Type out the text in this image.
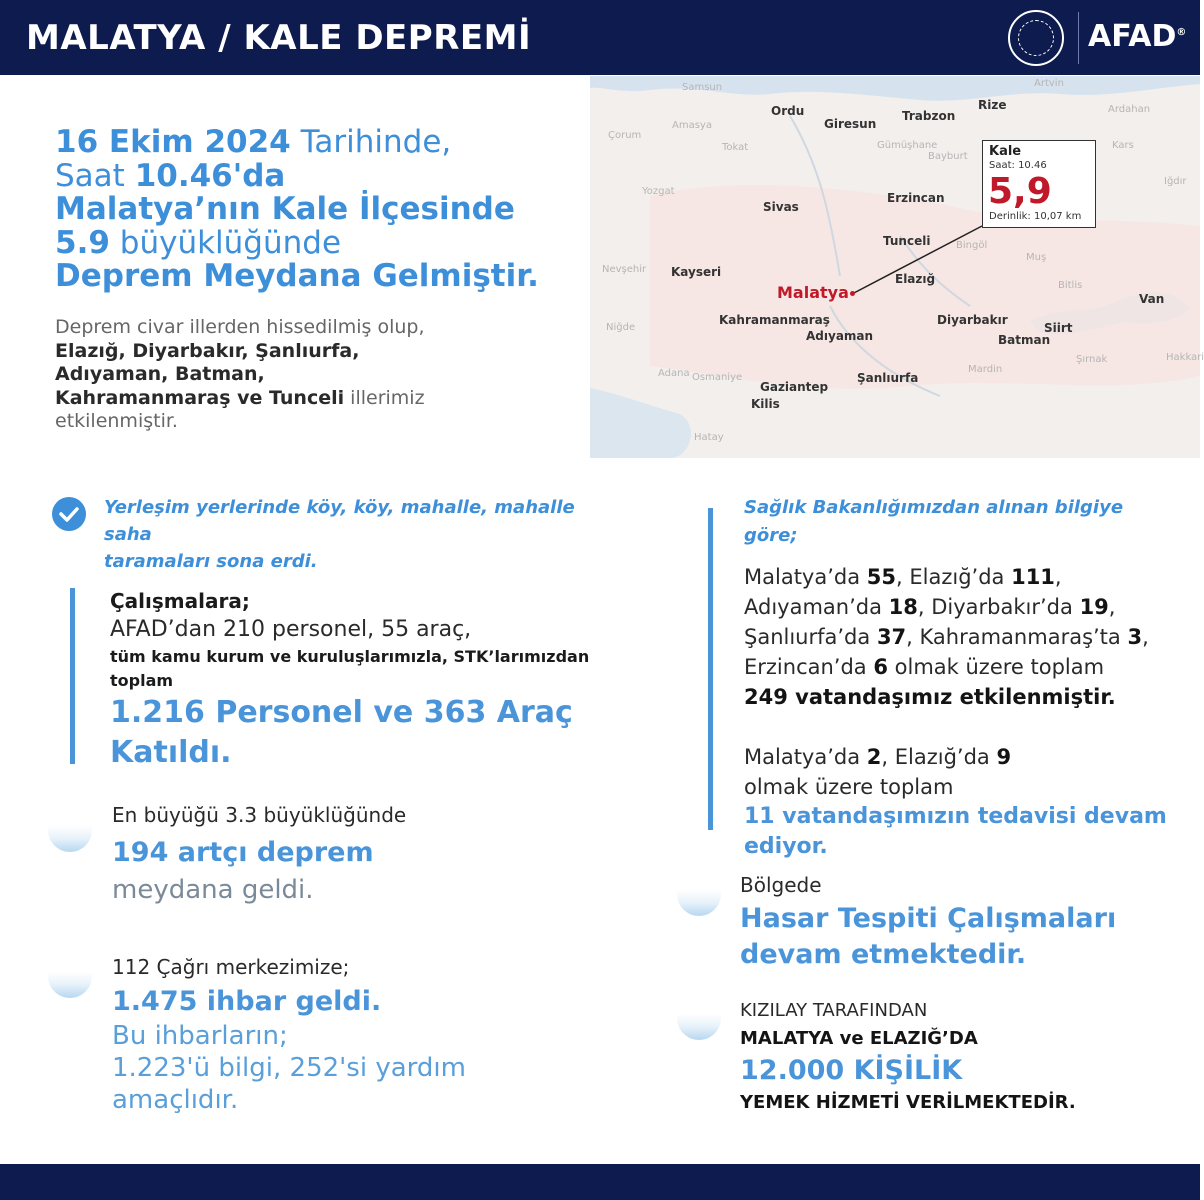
MALATYA / KALE DEPREMİ	AFAD®
16 Ekim 2024 Tarihinde,
Saat 10.46'da
Malatya’nın Kale İlçesinde
5.9 büyüklüğünde
Deprem Meydana Gelmiştir.
Deprem civar illerden hissedilmiş olup,
Elazığ, Diyarbakır, Şanlıurfa,
Adıyaman, Batman,
Kahramanmaraş ve Tunceli illerimiz
etkilenmiştir.
Samsun
Amasya
Çorum
Tokat	Gümüşhane
Bayburt
Artvin
Ardahan
Kars
Iğdır
Yozgat
Bingöl
Muş
Bitlis
Nevşehir
Niğde
Adana Osmaniye
Mardin
Şırnak	Hakkari
Hatay
Ordu
Giresun
Trabzon
Rize
Sivas
Erzincan
Tunceli
Kayseri	Elazığ
Kahramanmaraş
Adıyaman
Diyarbakır
Batman
Siirt
Van
Şanlıurfa
Gaziantep
Kilis
Malatya
Kale
Saat: 10.46
5,9
Derinlik: 10,07 km
Yerleşim yerlerinde köy, köy, mahalle, mahalle saha
taramaları sona erdi.
Çalışmalara;
AFAD’dan 210 personel, 55 araç,
tüm kamu kurum ve kuruluşlarımızla, STK’larımızdan
toplam
1.216 Personel ve 363 Araç
Katıldı.
En büyüğü 3.3 büyüklüğünde
194 artçı deprem
meydana geldi.
112 Çağrı merkezimize;
1.475 ihbar geldi.
Bu ihbarların;
1.223'ü bilgi, 252'si yardım
amaçlıdır.
Sağlık Bakanlığımızdan alınan bilgiye göre;
Malatya’da 55, Elazığ’da 111,
Adıyaman’da 18, Diyarbakır’da 19,
Şanlıurfa’da 37, Kahramanmaraş’ta 3,
Erzincan’da 6 olmak üzere toplam
249 vatandaşımız etkilenmiştir.
Malatya’da 2, Elazığ’da 9
olmak üzere toplam
11 vatandaşımızın tedavisi devam
ediyor.
Bölgede
Hasar Tespiti Çalışmaları
devam etmektedir.
KIZILAY TARAFINDAN
MALATYA ve ELAZIĞ’DA
12.000 KİŞİLİK
YEMEK HİZMETİ VERİLMEKTEDİR.
